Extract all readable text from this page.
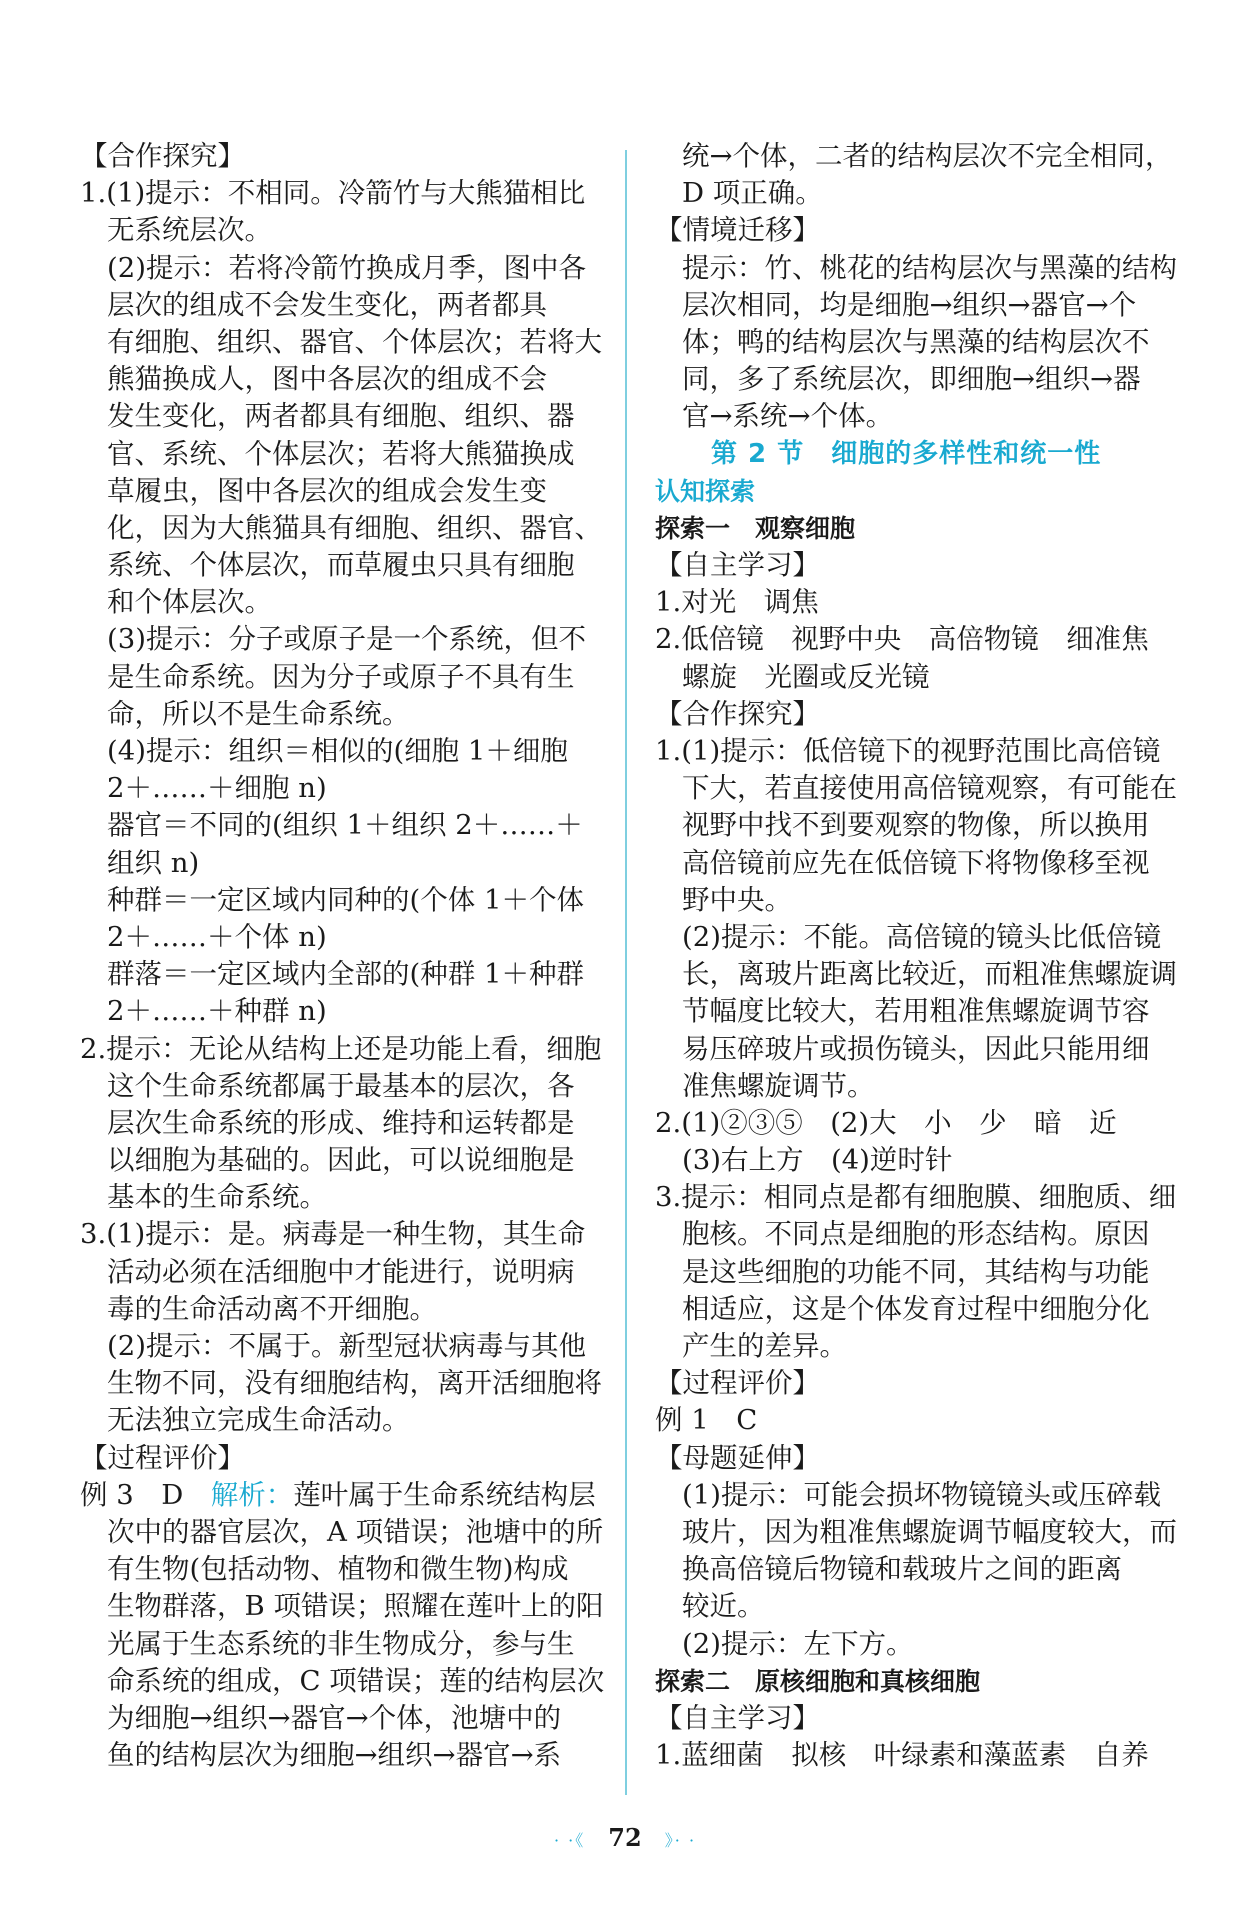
【合作探究】
1.(1)提示：不相同。冷箭竹与大熊猫相比
无系统层次。
(2)提示：若将冷箭竹换成月季，图中各
层次的组成不会发生变化，两者都具
有细胞、组织、器官、个体层次；若将大
熊猫换成人，图中各层次的组成不会
发生变化，两者都具有细胞、组织、器
官、系统、个体层次；若将大熊猫换成
草履虫，图中各层次的组成会发生变
化，因为大熊猫具有细胞、组织、器官、
系统、个体层次，而草履虫只具有细胞
和个体层次。
(3)提示：分子或原子是一个系统，但不
是生命系统。因为分子或原子不具有生
命，所以不是生命系统。
(4)提示：组织＝相似的(细胞 1＋细胞
2＋……＋细胞 n)
器官＝不同的(组织 1＋组织 2＋……＋
组织 n)
种群＝一定区域内同种的(个体 1＋个体
2＋……＋个体 n)
群落＝一定区域内全部的(种群 1＋种群
2＋……＋种群 n)
2.提示：无论从结构上还是功能上看，细胞
这个生命系统都属于最基本的层次，各
层次生命系统的形成、维持和运转都是
以细胞为基础的。因此，可以说细胞是
基本的生命系统。
3.(1)提示：是。病毒是一种生物，其生命
活动必须在活细胞中才能进行，说明病
毒的生命活动离不开细胞。
(2)提示：不属于。新型冠状病毒与其他
生物不同，没有细胞结构，离开活细胞将
无法独立完成生命活动。
【过程评价】
例 3　D　解析：莲叶属于生命系统结构层
次中的器官层次，A 项错误；池塘中的所
有生物(包括动物、植物和微生物)构成
生物群落，B 项错误；照耀在莲叶上的阳
光属于生态系统的非生物成分，参与生
命系统的组成，C 项错误；莲的结构层次
为细胞→组织→器官→个体，池塘中的
鱼的结构层次为细胞→组织→器官→系
统→个体，二者的结构层次不完全相同，
D 项正确。
【情境迁移】
提示：竹、桃花的结构层次与黑藻的结构
层次相同，均是细胞→组织→器官→个
体；鸭的结构层次与黑藻的结构层次不
同，多了系统层次，即细胞→组织→器
官→系统→个体。
第 2 节　细胞的多样性和统一性
认知探索
探索一　观察细胞
【自主学习】
1.对光　调焦
2.低倍镜　视野中央　高倍物镜　细准焦
螺旋　光圈或反光镜
【合作探究】
1.(1)提示：低倍镜下的视野范围比高倍镜
下大，若直接使用高倍镜观察，有可能在
视野中找不到要观察的物像，所以换用
高倍镜前应先在低倍镜下将物像移至视
野中央。
(2)提示：不能。高倍镜的镜头比低倍镜
长，离玻片距离比较近，而粗准焦螺旋调
节幅度比较大，若用粗准焦螺旋调节容
易压碎玻片或损伤镜头，因此只能用细
准焦螺旋调节。
2.(1)②③⑤　(2)大　小　少　暗　近
(3)右上方　(4)逆时针
3.提示：相同点是都有细胞膜、细胞质、细
胞核。不同点是细胞的形态结构。原因
是这些细胞的功能不同，其结构与功能
相适应，这是个体发育过程中细胞分化
产生的差异。
【过程评价】
例 1　C
【母题延伸】
(1)提示：可能会损坏物镜镜头或压碎载
玻片，因为粗准焦螺旋调节幅度较大，而
换高倍镜后物镜和载玻片之间的距离
较近。
(2)提示：左下方。
探索二　原核细胞和真核细胞
【自主学习】
1.蓝细菌　拟核　叶绿素和藻蓝素　自养
· ·《 72 》· ·
